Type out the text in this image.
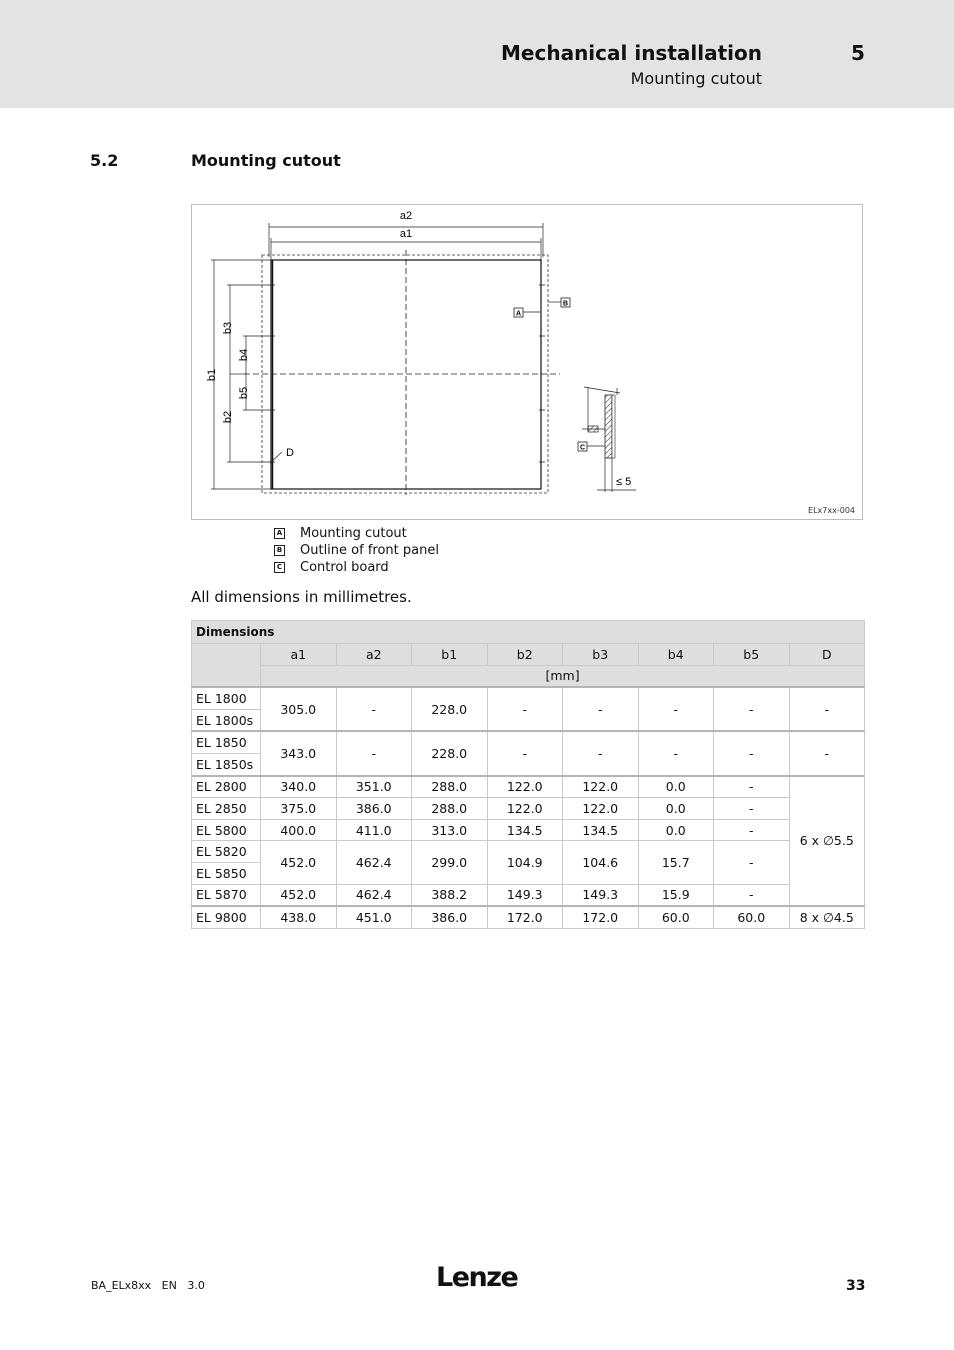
Mechanical installation	5
Mounting cutout
5.2	Mounting cutout
a2
a1
b1
b3
b2
b4
b5
D
A
B
≤ 5
C
ELx7xx-004
A Mounting cutout
B Outline of front panel
C Control board
All dimensions in millimetres.
Dimensions								
	a1	a2	b1	b2	b3	b4	b5	D
	[mm]							
EL 1800	305.0	-	228.0	-	-	-	-	-
EL 1800s								
EL 1850	343.0	-	228.0	-	-	-	-	-
EL 1850s								
EL 2800	340.0	351.0	288.0	122.0	122.0	0.0	-	6 x ∅5.5
EL 2850	375.0	386.0	288.0	122.0	122.0	0.0	-	
EL 5800	400.0	411.0	313.0	134.5	134.5	0.0	-	
EL 5820	452.0	462.4	299.0	104.9	104.6	15.7	-	
EL 5850								
EL 5870	452.0	462.4	388.2	149.3	149.3	15.9	-	
EL 9800	438.0	451.0	386.0	172.0	172.0	60.0	60.0	8 x ∅4.5
BA_ELx8xx   EN   3.0	Lenze	33
